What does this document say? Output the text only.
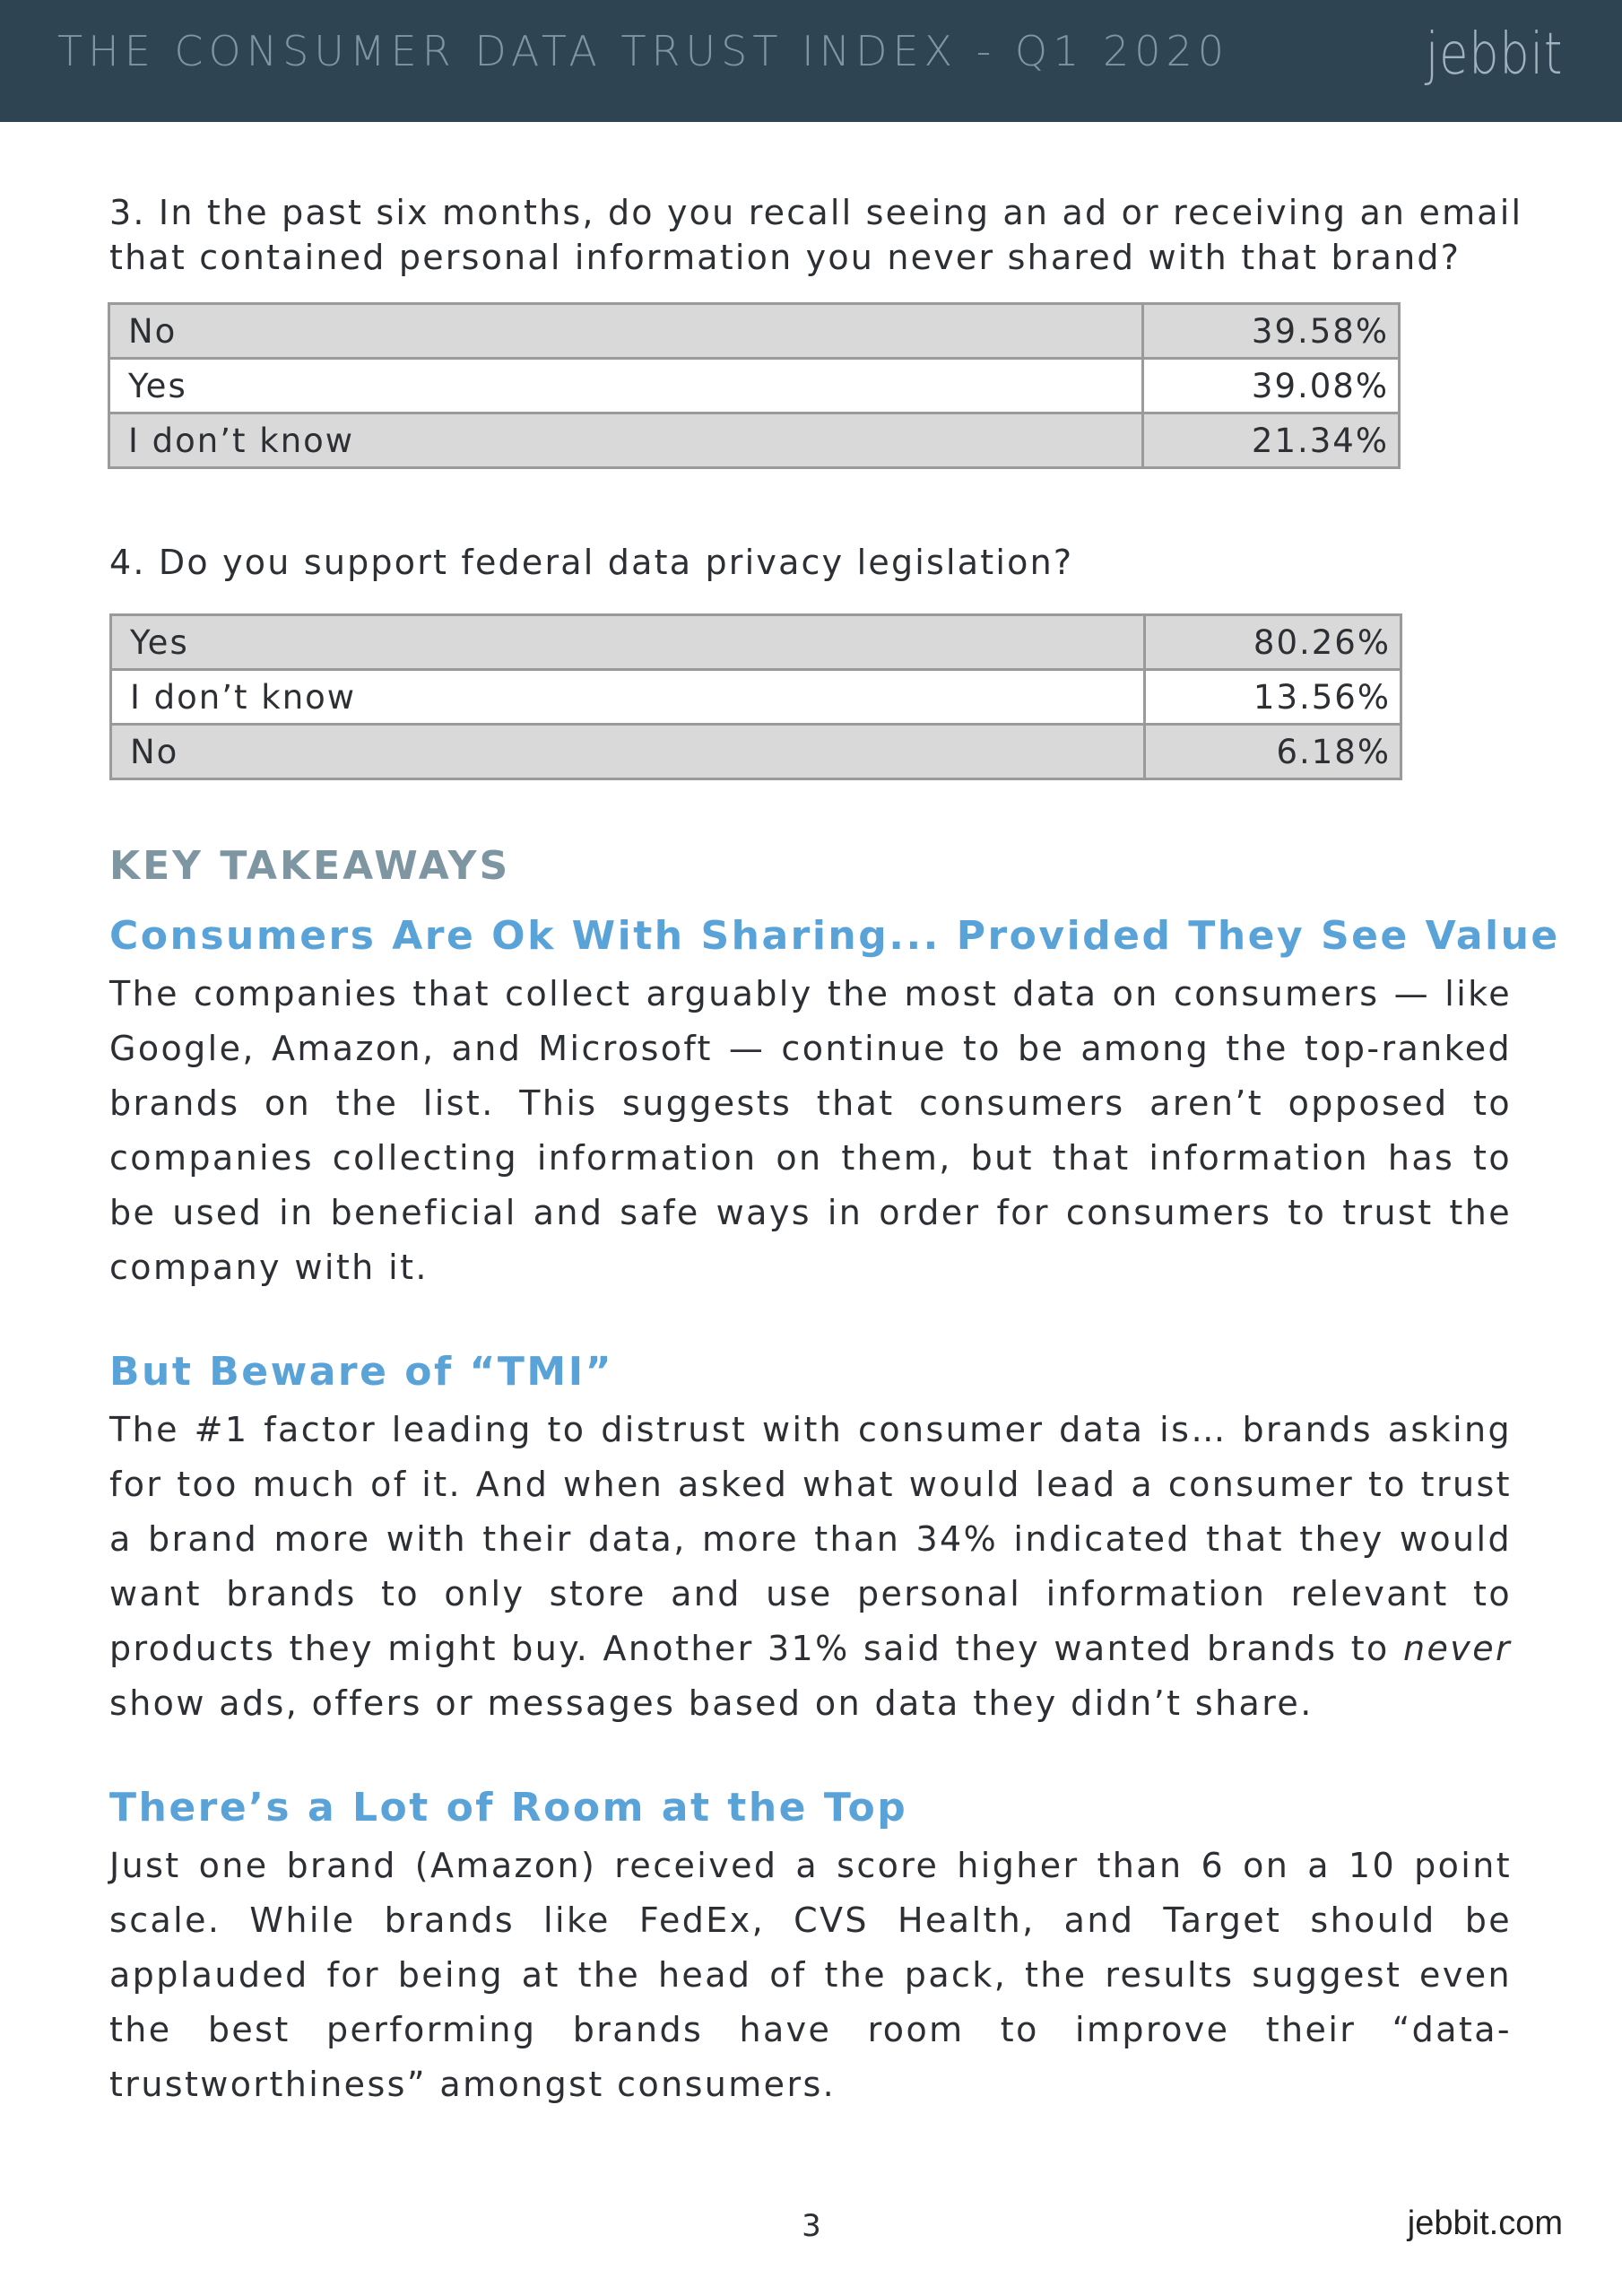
THE CONSUMER DATA TRUST INDEX - Q1 2020	jebbit
3. In the past six months, do you recall seeing an ad or receiving an email that contained personal information you never shared with that brand?
No	39.58%
Yes	39.08%
I don’t know	21.34%
4. Do you support federal data privacy legislation?
Yes	80.26%
I don’t know	13.56%
No	6.18%
KEY TAKEAWAYS
Consumers Are Ok With Sharing... Provided They See Value
The companies that collect arguably the most data on consumers — like Google, Amazon, and Microsoft — continue to be among the top-ranked brands on the list. This suggests that consumers aren’t opposed to companies collecting information on them, but that information has to be used in beneficial and safe ways in order for consumers to trust the company with it.
But Beware of “TMI”
The #1 factor leading to distrust with consumer data is… brands asking for too much of it. And when asked what would lead a consumer to trust a brand more with their data, more than 34% indicated that they would want brands to only store and use personal information relevant to products they might buy. Another 31% said they wanted brands to never show ads, offers or messages based on data they didn’t share.
There’s a Lot of Room at the Top
Just one brand (Amazon) received a score higher than 6 on a 10 point scale. While brands like FedEx, CVS Health, and Target should be applauded for being at the head of the pack, the results suggest even the best performing brands have room to improve their “data-trustworthiness” amongst consumers.
3	jebbit.com
